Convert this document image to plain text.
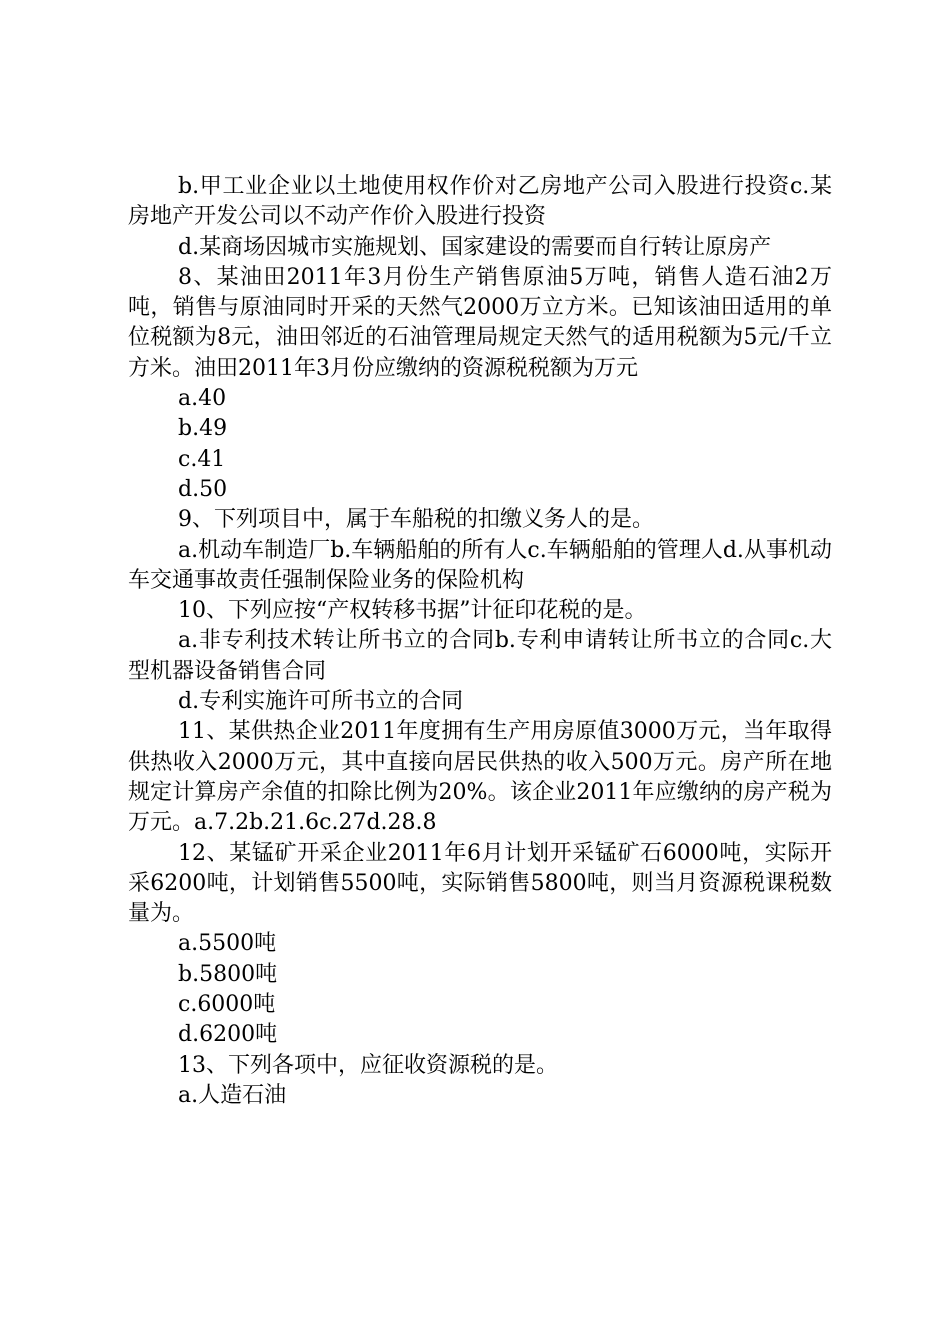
b.甲工业企业以土地使用权作价对乙房地产公司入股进行投资c.某房地产开发公司以不动产作价入股进行投资

d.某商场因城市实施规划、国家建设的需要而自行转让原房产

8、某油田2011年3月份生产销售原油5万吨，销售人造石油2万吨，销售与原油同时开采的天然气2000万立方米。已知该油田适用的单位税额为8元，油田邻近的石油管理局规定天然气的适用税额为5元/千立方米。油田2011年3月份应缴纳的资源税税额为万元

a.40

b.49

c.41

d.50

9、下列项目中，属于车船税的扣缴义务人的是。

a.机动车制造厂b.车辆船舶的所有人c.车辆船舶的管理人d.从事机动车交通事故责任强制保险业务的保险机构

10、下列应按“产权转移书据”计征印花税的是。

a.非专利技术转让所书立的合同b.专利申请转让所书立的合同c.大型机器设备销售合同

d.专利实施许可所书立的合同

11、某供热企业2011年度拥有生产用房原值3000万元，当年取得供热收入2000万元，其中直接向居民供热的收入500万元。房产所在地规定计算房产余值的扣除比例为20%。该企业2011年应缴纳的房产税为万元。a.7.2b.21.6c.27d.28.8

12、某锰矿开采企业2011年6月计划开采锰矿石6000吨，实际开采6200吨，计划销售5500吨，实际销售5800吨，则当月资源税课税数量为。

a.5500吨

b.5800吨

c.6000吨

d.6200吨

13、下列各项中，应征收资源税的是。

a.人造石油
